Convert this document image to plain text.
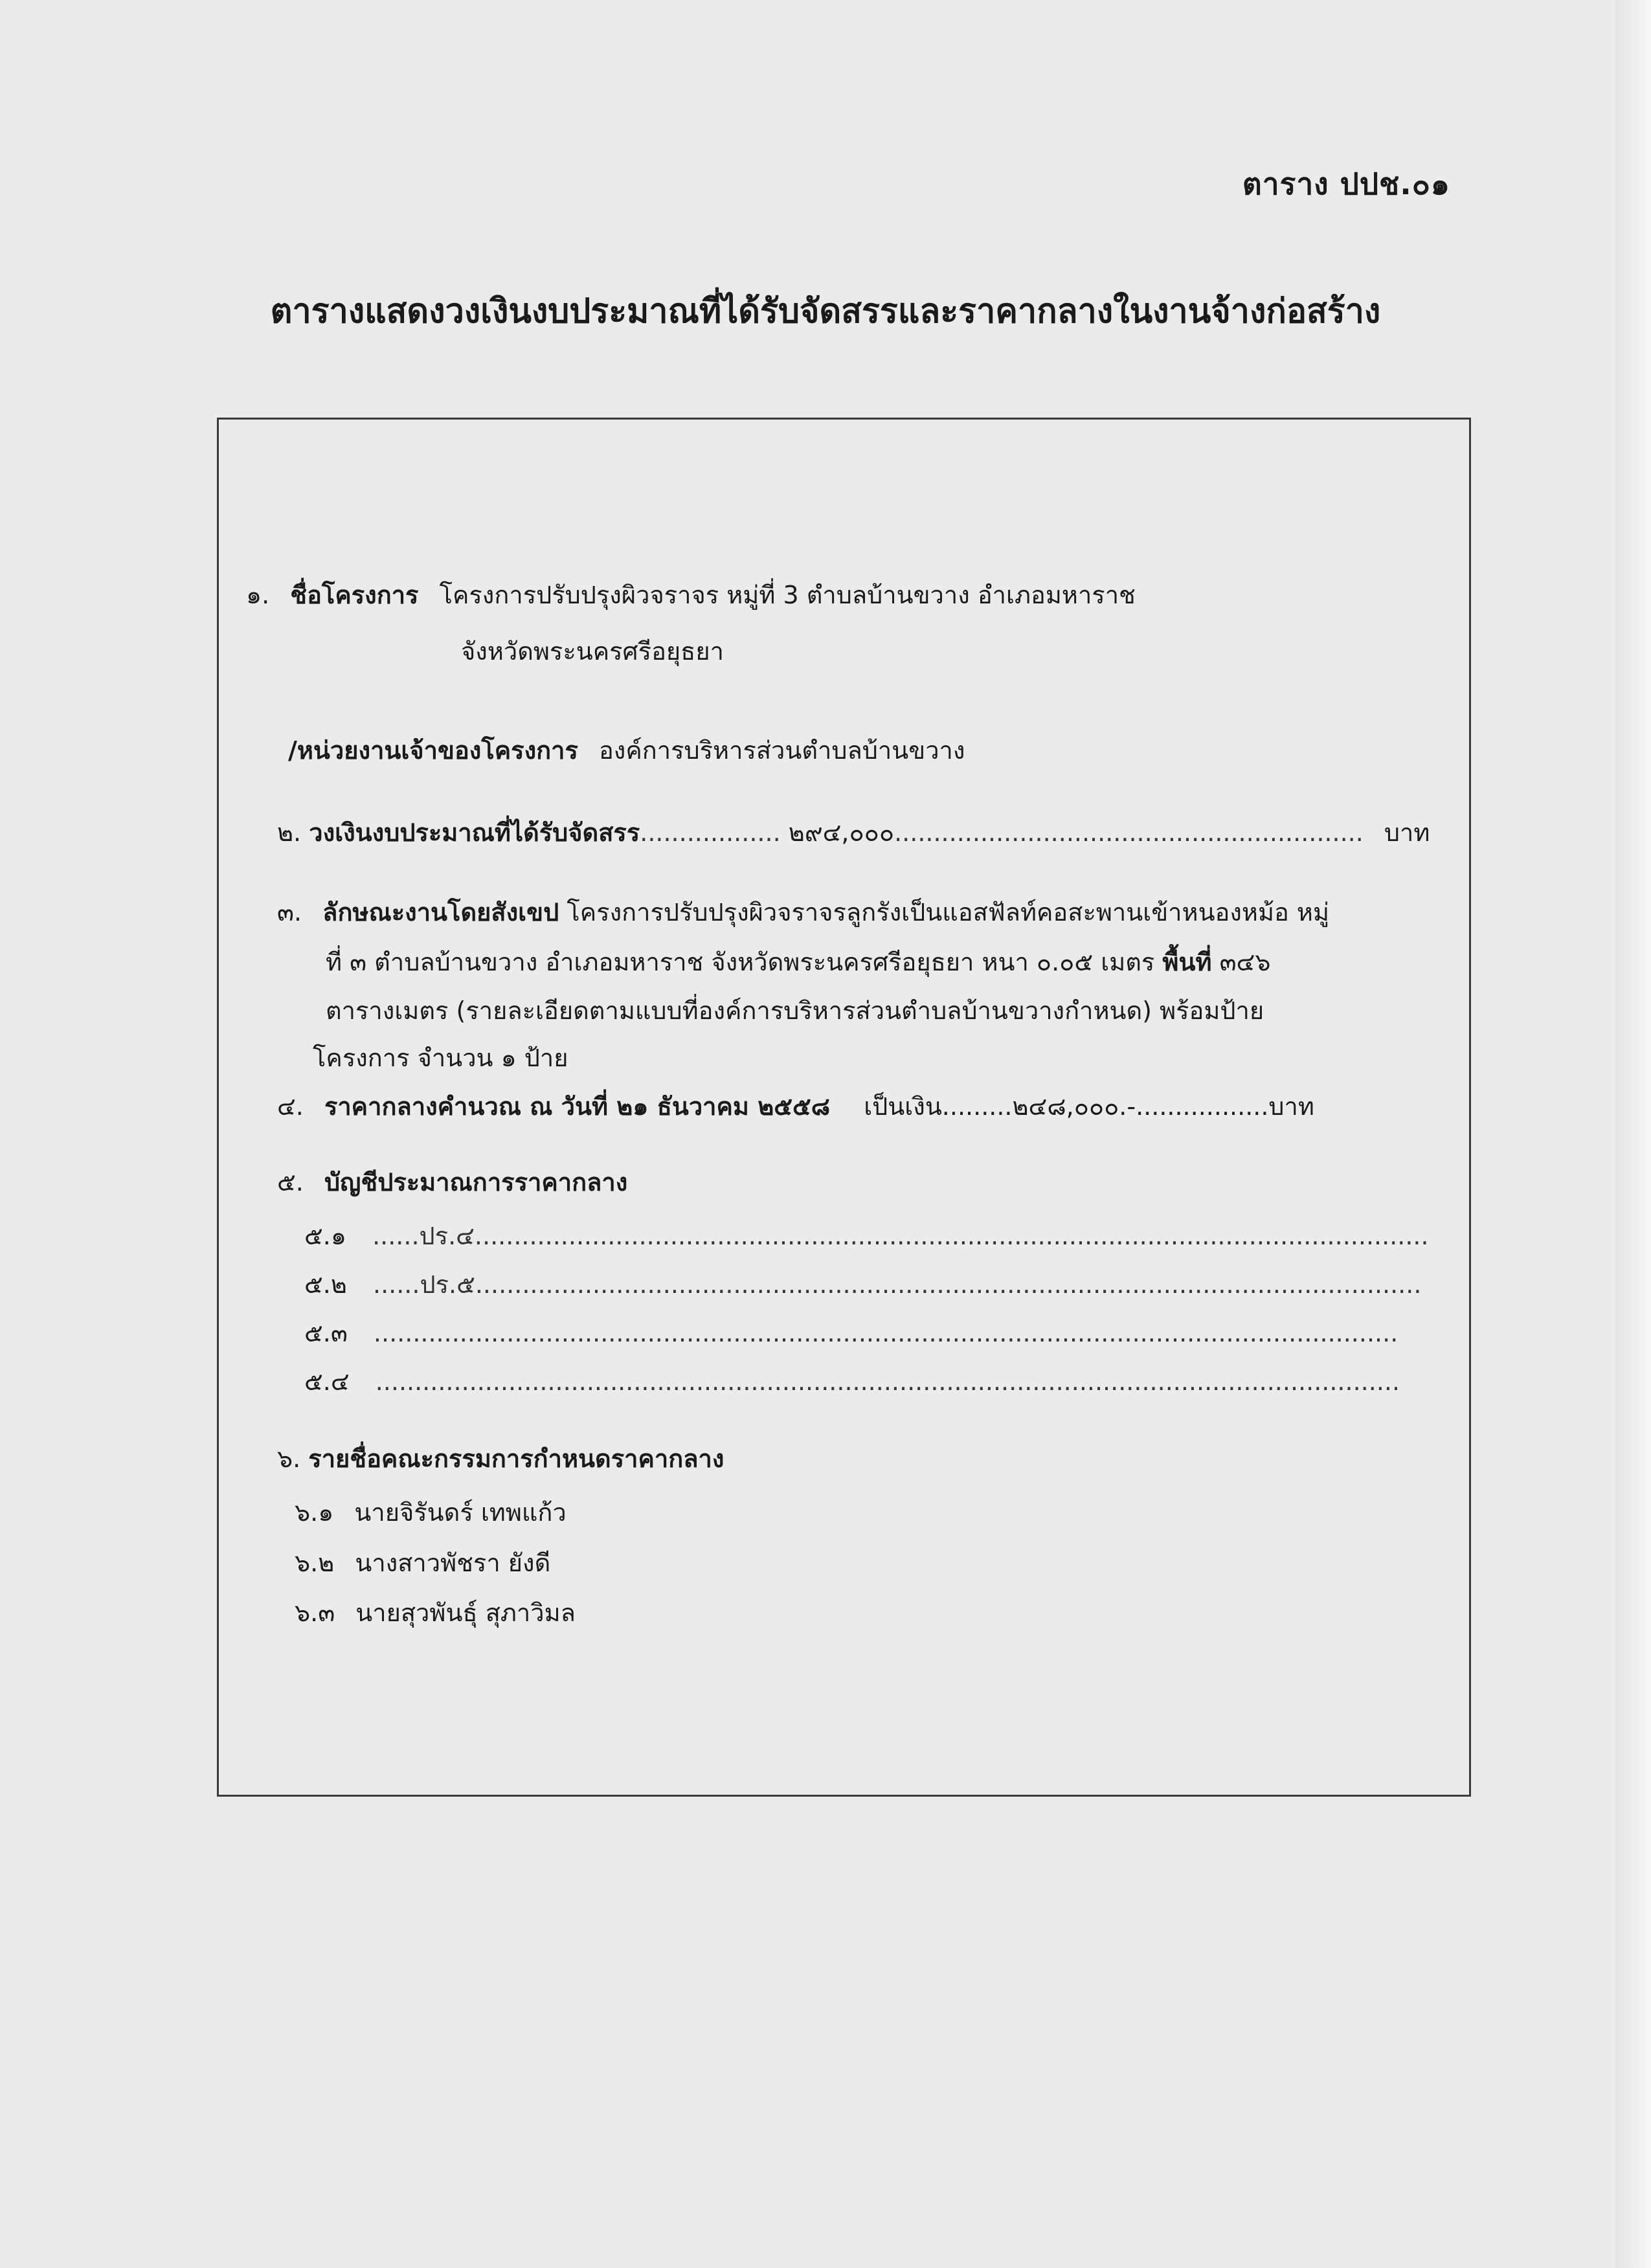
ตาราง ปปช.๐๑
ตารางแสดงวงเงินงบประมาณที่ได้รับจัดสรรและราคากลางในงานจ้างก่อสร้าง
๑. ชื่อโครงการ โครงการปรับปรุงผิวจราจร หมู่ที่ 3 ตำบลบ้านขวาง อำเภอมหาราช
จังหวัดพระนครศรีอยุธยา
/หน่วยงานเจ้าของโครงการ องค์การบริหารส่วนตำบลบ้านขวาง
๒. วงเงินงบประมาณที่ได้รับจัดสรร.................. ๒๙๔,๐๐๐............................................................ บาท
๓. ลักษณะงานโดยสังเขป โครงการปรับปรุงผิวจราจรลูกรังเป็นแอสฟัลท์คอสะพานเข้าหนองหม้อ หมู่
ที่ ๓ ตำบลบ้านขวาง อำเภอมหาราช จังหวัดพระนครศรีอยุธยา หนา ๐.๐๕ เมตร พื้นที่ ๓๔๖
ตารางเมตร (รายละเอียดตามแบบที่องค์การบริหารส่วนตำบลบ้านขวางกำหนด) พร้อมป้าย
โครงการ จำนวน ๑ ป้าย
๔. ราคากลางคำนวณ ณ วันที่ ๒๑ ธันวาคม ๒๕๕๘ เป็นเงิน.........๒๔๘,๐๐๐.-.................บาท
๕. บัญชีประมาณการราคากลาง
๕.๑ ......ปร.๔..........................................................................................................................
๕.๒ ......ปร.๕.........................................................................................................................
๕.๓ ...................................................................................................................................
๕.๔ ...................................................................................................................................
๖. รายชื่อคณะกรรมการกำหนดราคากลาง
๖.๑ นายจิรันดร์ เทพแก้ว
๖.๒ นางสาวพัชรา ยังดี
๖.๓ นายสุวพันธุ์ สุภาวิมล
